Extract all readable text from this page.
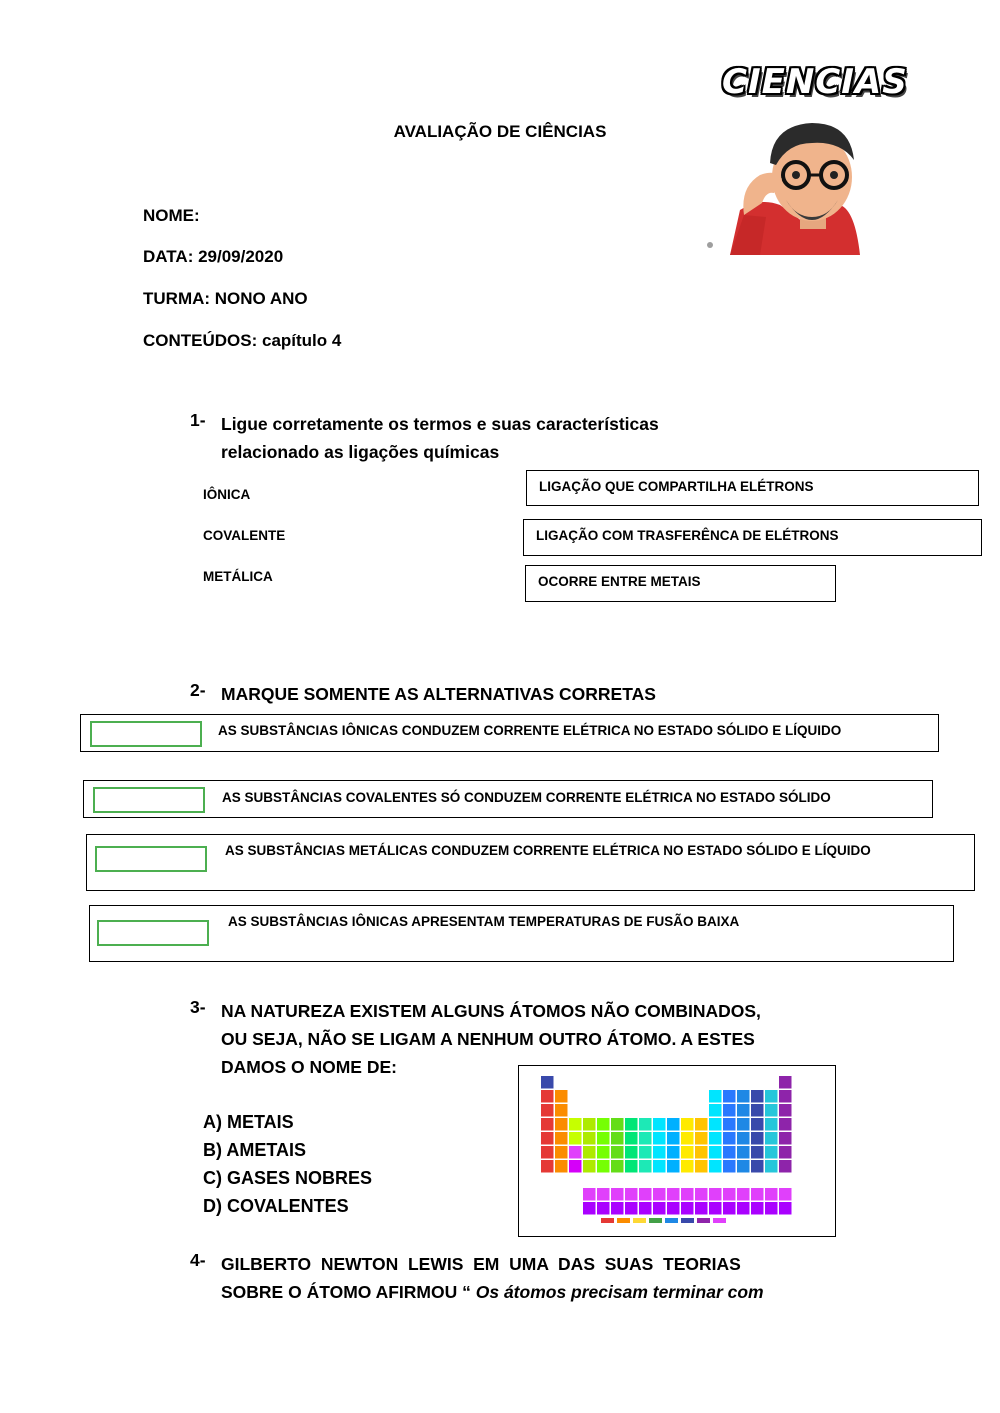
CIENCIAS
AVALIAÇÃO DE CIÊNCIAS
NOME:
DATA: 29/09/2020
TURMA: NONO ANO
CONTEÚDOS: capítulo 4
1- Ligue corretamente os termos e suas características
relacionado as ligações químicas
IÔNICA
COVALENTE
METÁLICA
LIGAÇÃO QUE COMPARTILHA ELÉTRONS
LIGAÇÃO COM TRASFERÊNCA DE ELÉTRONS
OCORRE ENTRE METAIS
2- MARQUE SOMENTE AS ALTERNATIVAS CORRETAS
AS SUBSTÂNCIAS IÔNICAS CONDUZEM CORRENTE ELÉTRICA NO ESTADO SÓLIDO E LÍQUIDO
AS SUBSTÂNCIAS COVALENTES SÓ CONDUZEM CORRENTE ELÉTRICA NO ESTADO SÓLIDO
AS SUBSTÂNCIAS METÁLICAS CONDUZEM CORRENTE ELÉTRICA NO ESTADO SÓLIDO E LÍQUIDO
AS SUBSTÂNCIAS IÔNICAS APRESENTAM TEMPERATURAS DE FUSÃO BAIXA
3- NA NATUREZA EXISTEM ALGUNS ÁTOMOS NÃO COMBINADOS,
OU SEJA, NÃO SE LIGAM A NENHUM OUTRO ÁTOMO. A ESTES
DAMOS O NOME DE:
A) METAIS
B) AMETAIS
C) GASES NOBRES
D) COVALENTES
4- GILBERTO  NEWTON  LEWIS  EM  UMA  DAS  SUAS  TEORIAS
SOBRE O ÁTOMO AFIRMOU “ Os átomos precisam terminar com
